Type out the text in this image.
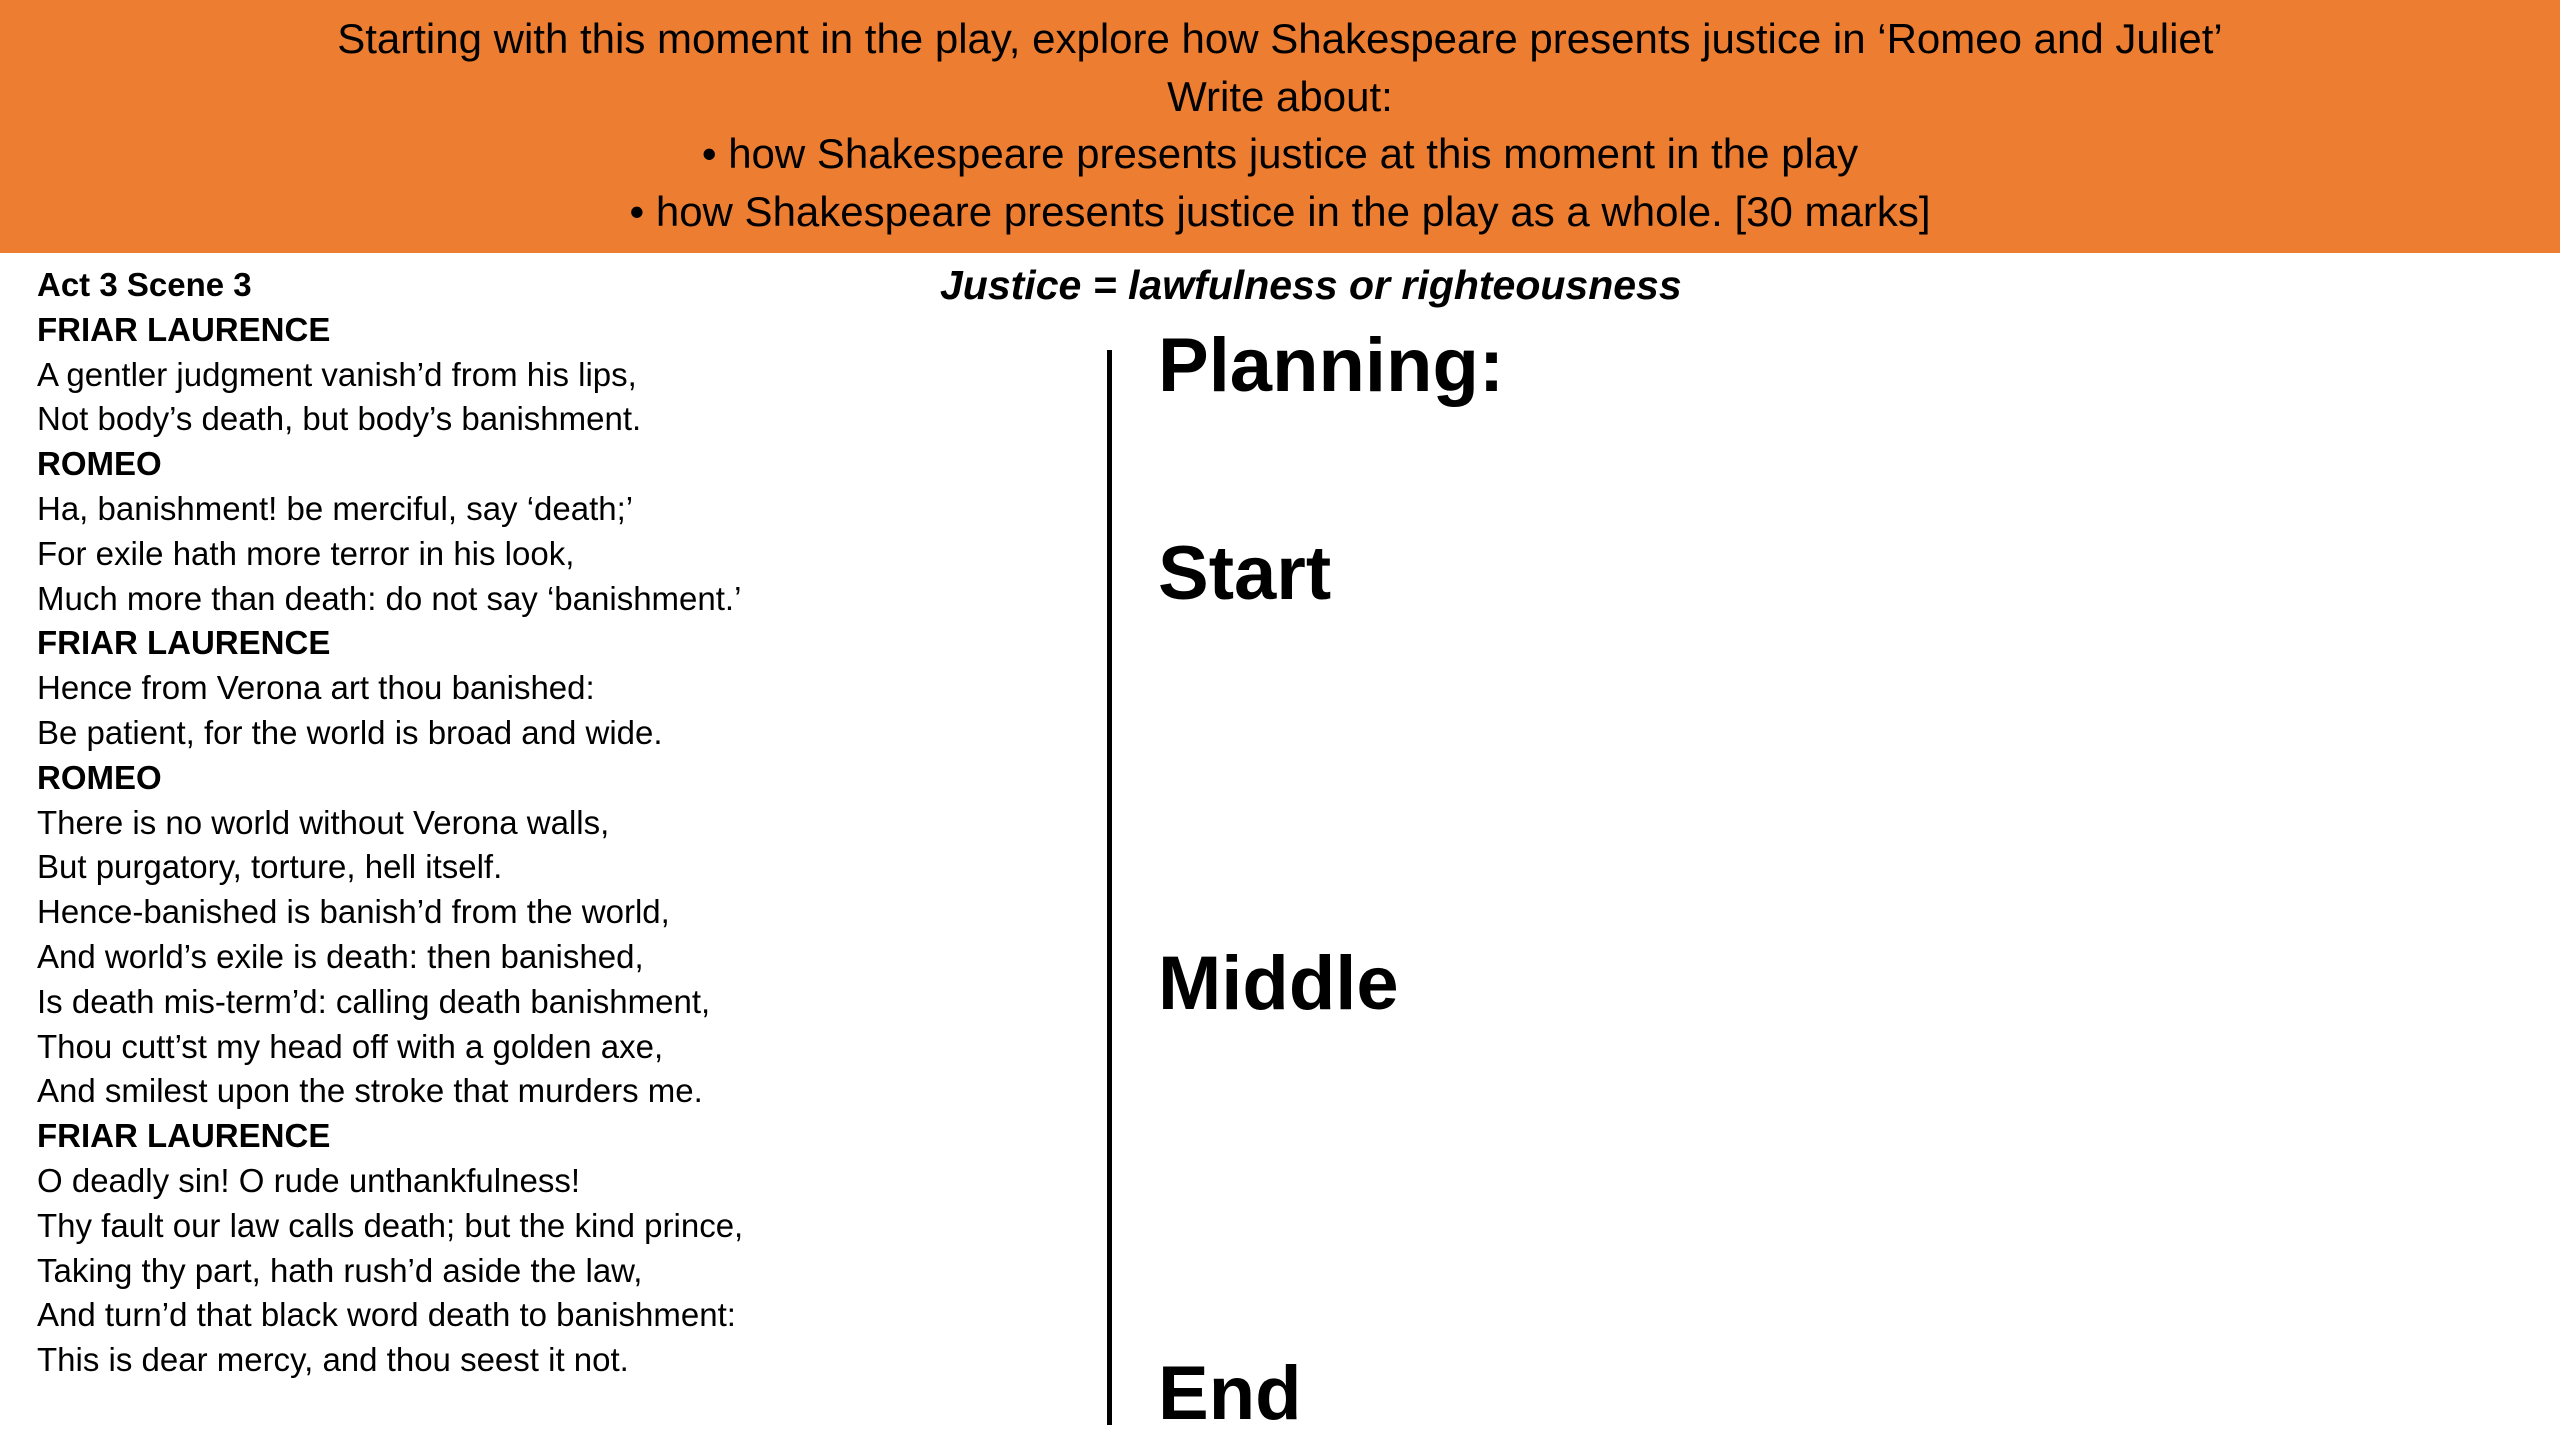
Starting with this moment in the play, explore how Shakespeare presents justice in ‘Romeo and Juliet’
Write about:
• how Shakespeare presents justice at this moment in the play
• how Shakespeare presents justice in the play as a whole. [30 marks]
Act 3 Scene 3
FRIAR LAURENCE
A gentler judgment vanish’d from his lips,
Not body’s death, but body’s banishment.
ROMEO
Ha, banishment! be merciful, say ‘death;’
For exile hath more terror in his look,
Much more than death: do not say ‘banishment.’
FRIAR LAURENCE
Hence from Verona art thou banished:
Be patient, for the world is broad and wide.
ROMEO
There is no world without Verona walls,
But purgatory, torture, hell itself.
Hence-banished is banish’d from the world,
And world’s exile is death: then banished,
Is death mis-term’d: calling death banishment,
Thou cutt’st my head off with a golden axe,
And smilest upon the stroke that murders me.
FRIAR LAURENCE
O deadly sin! O rude unthankfulness!
Thy fault our law calls death; but the kind prince,
Taking thy part, hath rush’d aside the law,
And turn’d that black word death to banishment:
This is dear mercy, and thou seest it not.
Justice = lawfulness or righteousness
Planning:
Start
Middle
End
